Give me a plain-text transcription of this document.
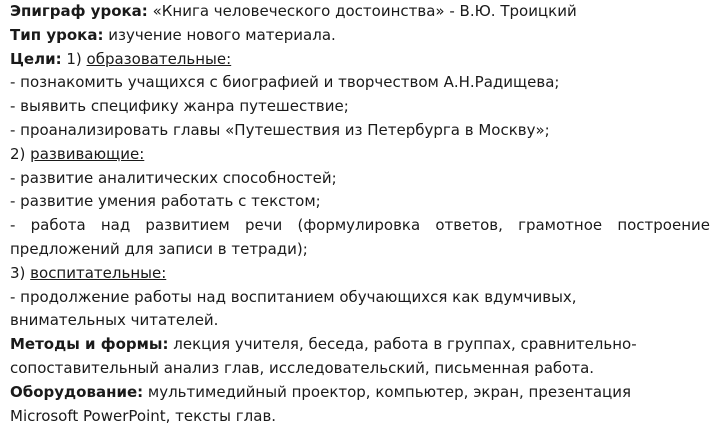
Эпиграф урока: «Книга человеческого достоинства» - В.Ю. Троицкий
Тип урока: изучение нового материала.
Цели: 1) образовательные:
- познакомить учащихся с биографией и творчеством А.Н.Радищева;
- выявить специфику жанра путешествие;
- проанализировать главы «Путешествия из Петербурга в Москву»;
2) развивающие:
- развитие аналитических способностей;
- развитие умения работать с текстом;
- работа над развитием речи (формулировка ответов, грамотное построение
предложений для записи в тетради);
3) воспитательные:
- продолжение работы над воспитанием обучающихся как вдумчивых,
внимательных читателей.
Методы и формы: лекция учителя, беседа, работа в группах, сравнительно-
сопоставительный анализ глав, исследовательский, письменная работа.
Оборудование: мультимедийный проектор, компьютер, экран, презентация
Microsoft PowerPoint, тексты глав.
